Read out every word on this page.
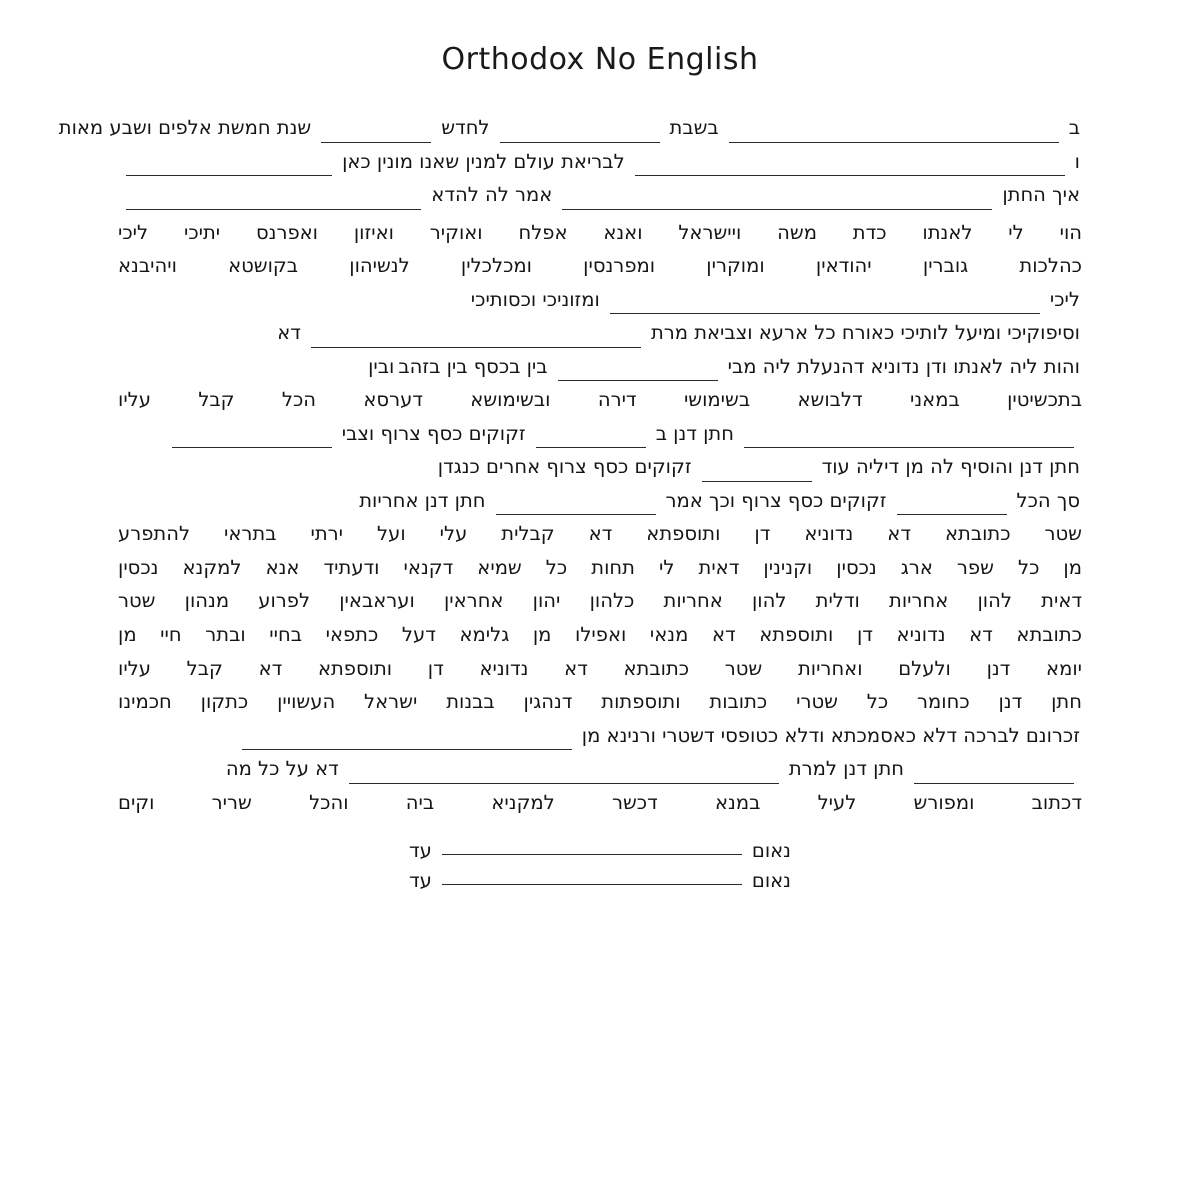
Orthodox No English
ב
בשבת
לחדש
שנת חמשת אלפים ושבע מאות
ו
לבריאת עולם למנין שאנו מונין כאן
איך החתן
אמר לה להדא
הוי לי לאנתו כדת משה ויישראל ואנא אפלח ואוקיר ואיזון ואפרנס יתיכי ליכי
כהלכות גוברין יהודאין ומוקרין ומפרנסין ומכלכלין לנשיהון בקושטא ויהיבנא
ליכי
ומזוניכי וכסותיכי
וסיפוקיכי ומיעל לותיכי כאורח כל ארעא וצביאת מרת
דא
והות ליה לאנתו ודן נדוניא דהנעלת ליה מבי
בין בכסף בין בזהב
ובין
בתכשיטין במאני דלבושא בשימושי דירה ובשימושא דערסא הכל קבל עליו
חתן דנן ב
זקוקים כסף צרוף וצבי
חתן דנן והוסיף לה מן דיליה עוד
זקוקים כסף צרוף אחרים כנגדן
סך הכל
זקוקים כסף צרוף וכך אמר
חתן דנן אחריות
שטר כתובתא דא נדוניא דן ותוספתא דא קבלית עלי ועל ירתי בתראי להתפרע
מן כל שפר ארג נכסין וקנינין דאית לי תחות כל שמיא דקנאי ודעתיד אנא למקנא נכסין
דאית להון אחריות ודלית להון אחריות כלהון יהון אחראין ועראבאין לפרוע מנהון שטר
כתובתא דא נדוניא דן ותוספתא דא מנאי ואפילו מן גלימא דעל כתפאי בחיי ובתר חיי מן
יומא דנן ולעלם ואחריות שטר כתובתא דא נדוניא דן ותוספתא דא קבל עליו
חתן דנן כחומר כל שטרי כתובות ותוספתות דנהגין בבנות ישראל העשויין כתקון חכמינו
זכרונם לברכה דלא כאסמכתא ודלא כטופסי דשטרי ורנינא מן
חתן דנן למרת
דא על כל מה
דכתוב ומפורש לעיל במנא דכשר למקניא ביה והכל שריר וקים
נאום
עד
נאום
עד
